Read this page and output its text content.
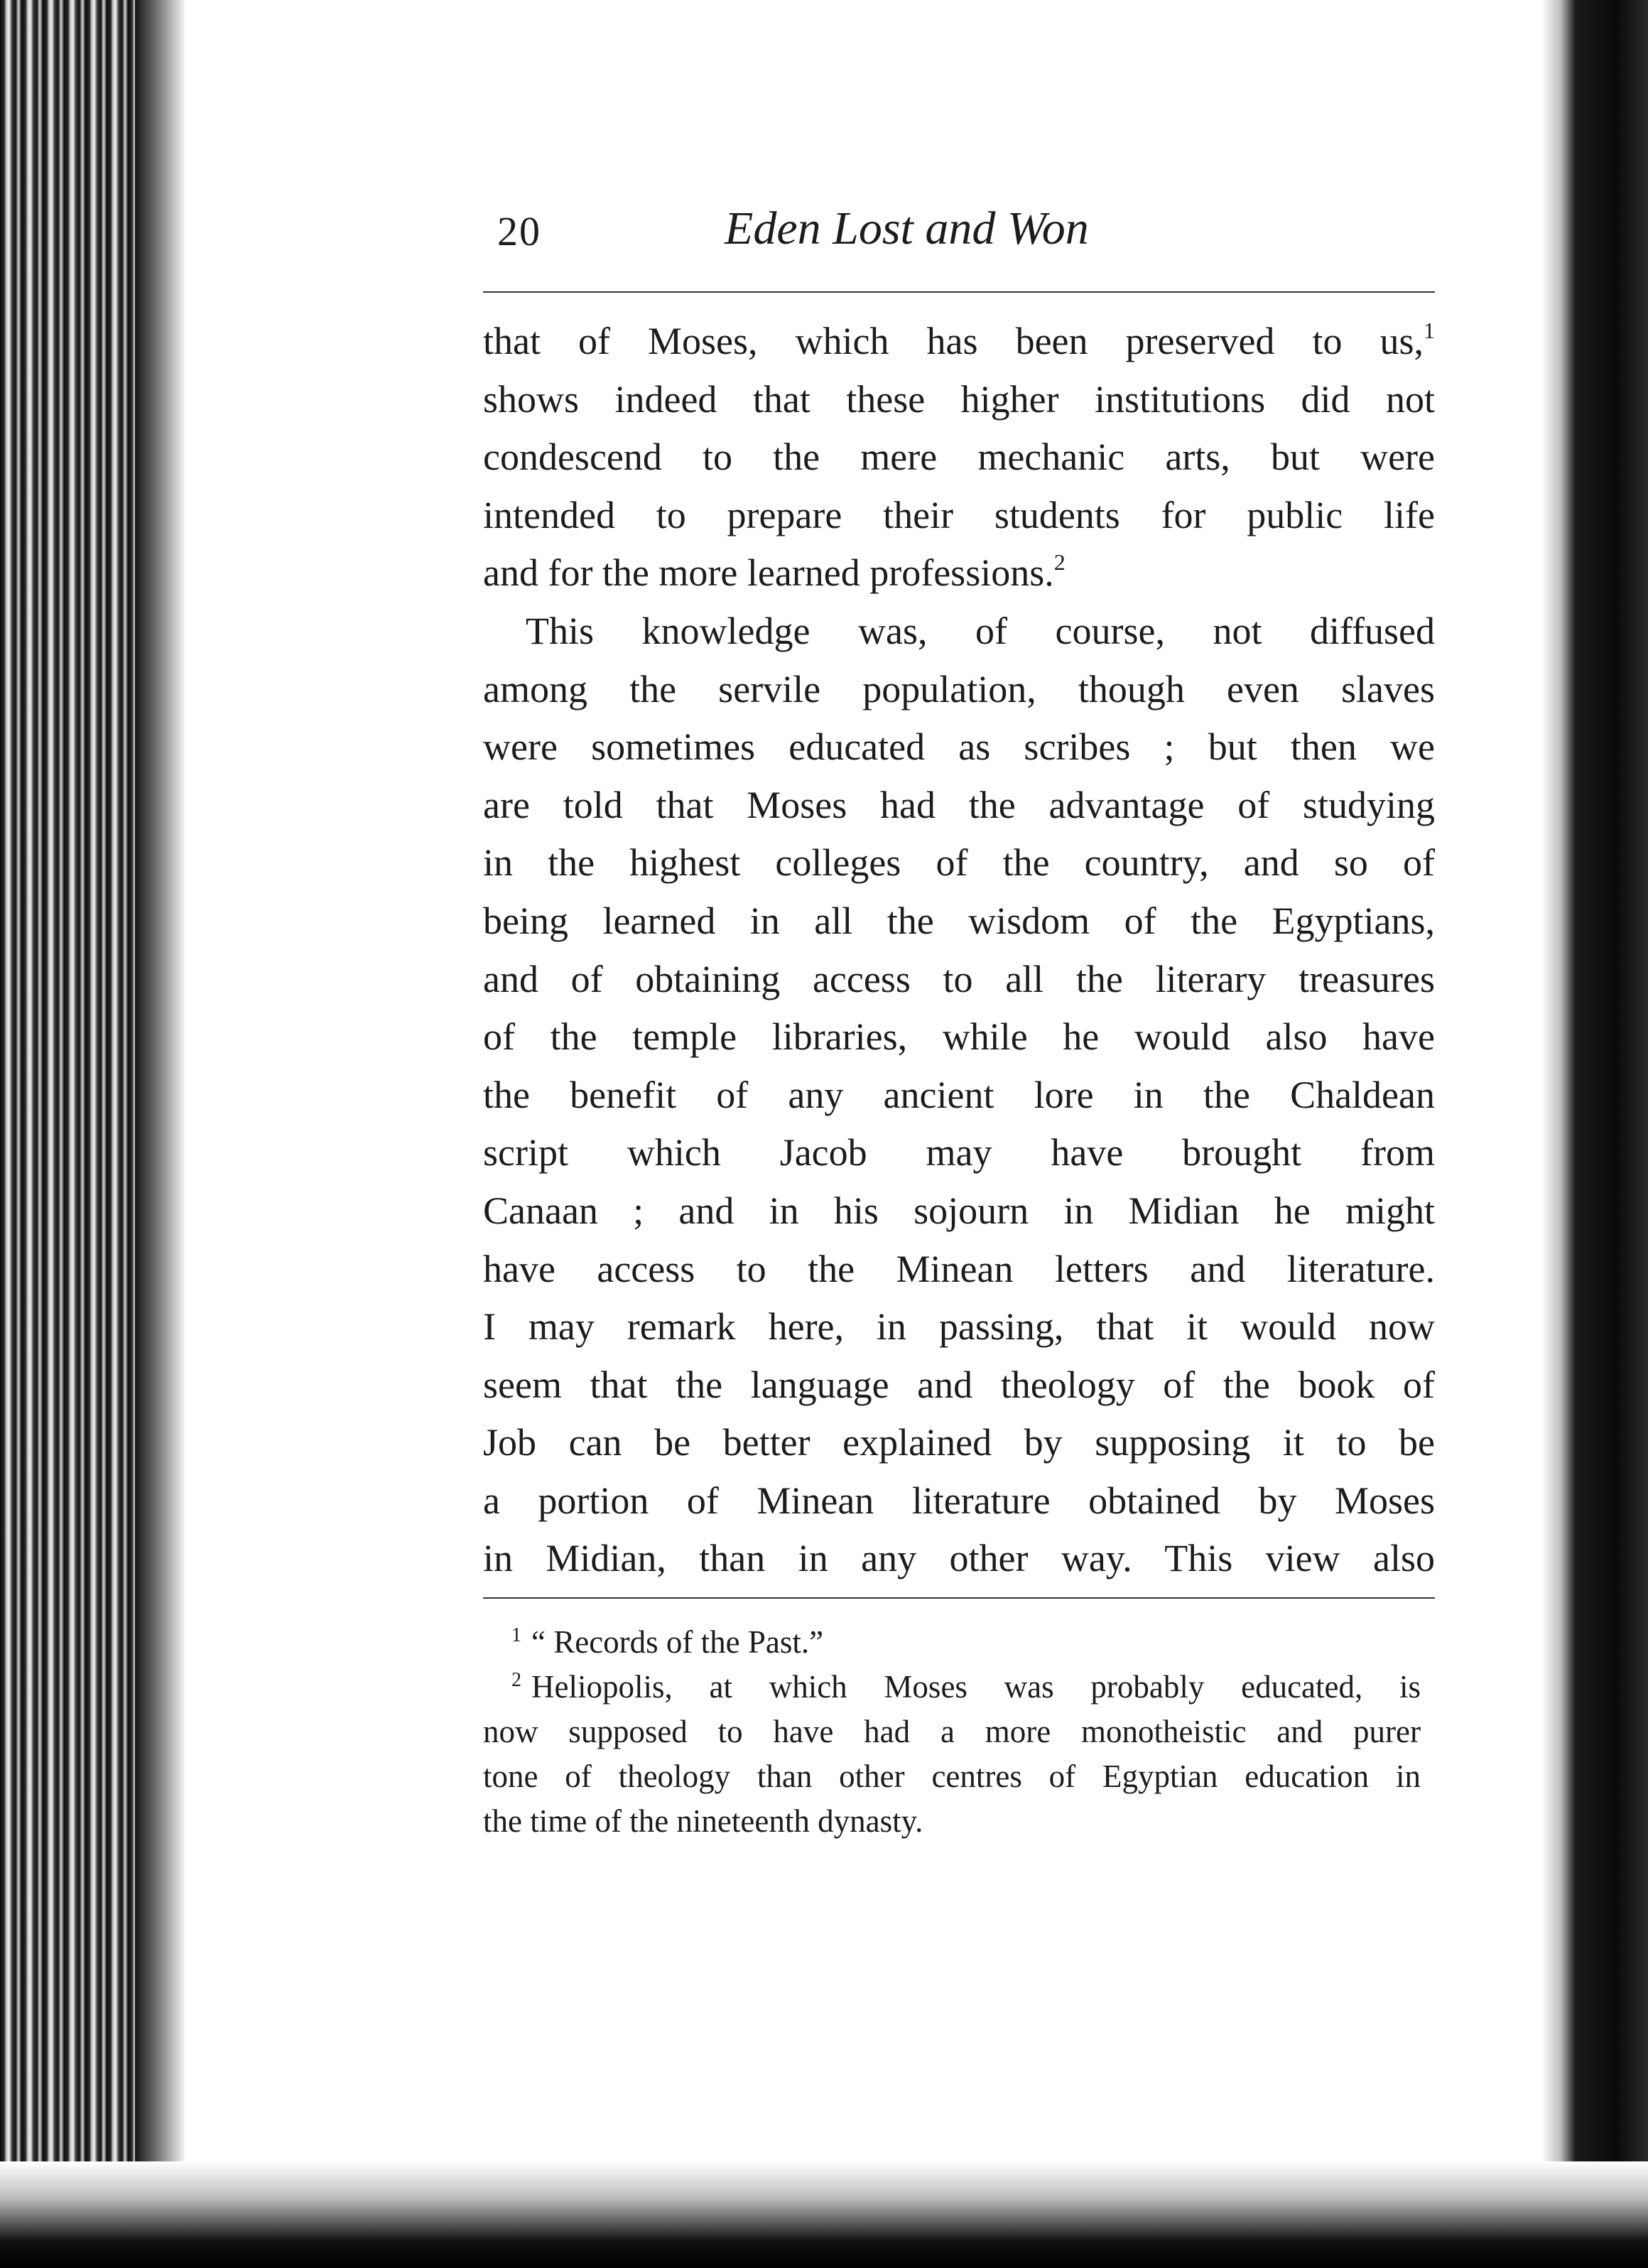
20	Eden Lost and Won
that of Moses, which has been preserved to us,$^1$
shows indeed that these higher institutions did not
condescend to the mere mechanic arts, but were
intended to prepare their students for public life
and for the more learned professions.$^2$
This knowledge was, of course, not diffused
among the servile population, though even slaves
were sometimes educated as scribes ; but then we
are told that Moses had the advantage of studying
in the highest colleges of the country, and so of
being learned in all the wisdom of the Egyptians,
and of obtaining access to all the literary treasures
of the temple libraries, while he would also have
the benefit of any ancient lore in the Chaldean
script which Jacob may have brought from
Canaan ; and in his sojourn in Midian he might
have access to the Minean letters and literature.
I may remark here, in passing, that it would now
seem that the language and theology of the book of
Job can be better explained by supposing it to be
a portion of Minean literature obtained by Moses
in Midian, than in any other way. This view also
$^1$ “ Records of the Past.”
$^2$ Heliopolis, at which Moses was probably educated, is
now supposed to have had a more monotheistic and purer
tone of theology than other centres of Egyptian education in
the time of the nineteenth dynasty.
